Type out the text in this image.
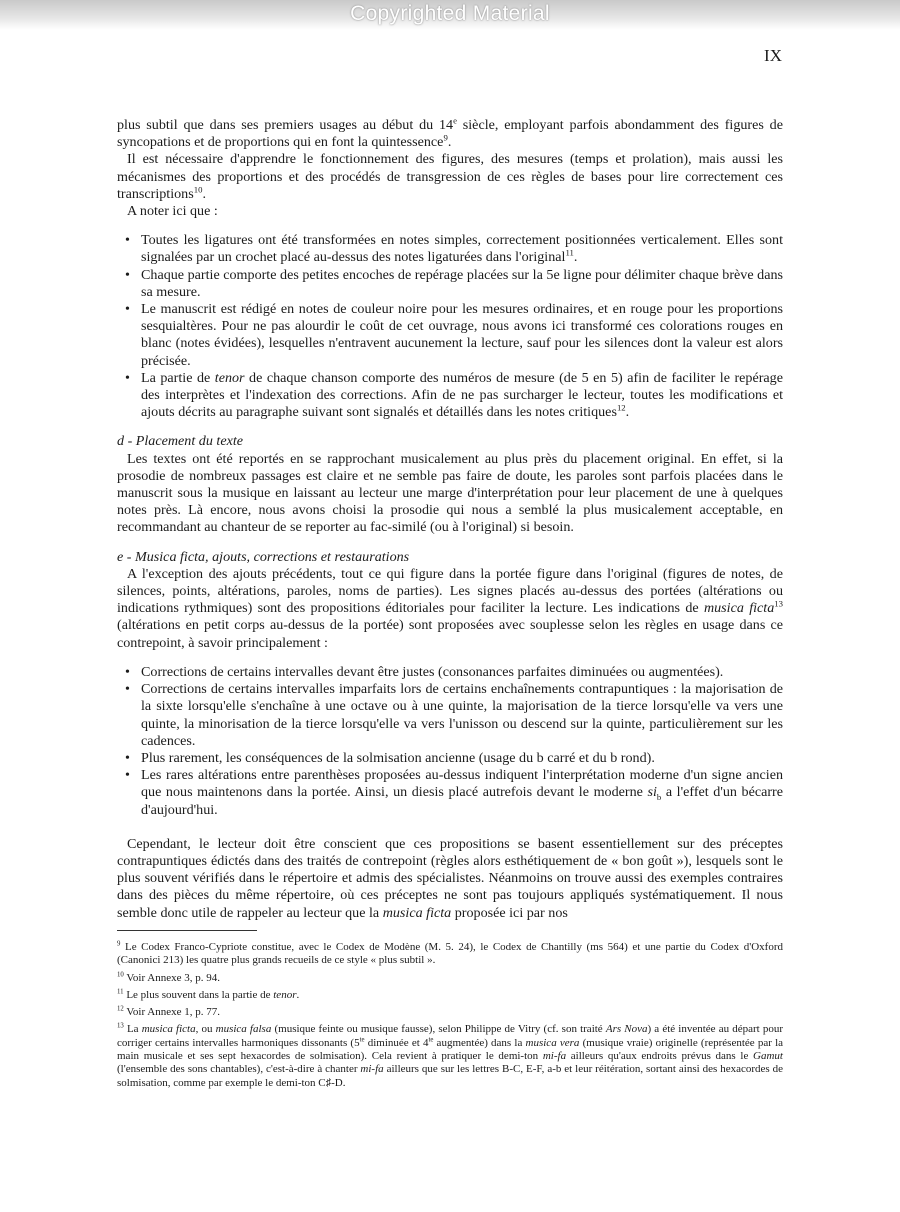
Copyrighted Material
IX

plus subtil que dans ses premiers usages au début du 14e siècle, employant parfois abondamment des figures de syncopations et de proportions qui en font la quintessence$^9$.

Il est nécessaire d'apprendre le fonctionnement des figures, des mesures (temps et prolation), mais aussi les mécanismes des proportions et des procédés de transgression de ces règles de bases pour lire correctement ces transcriptions$^{10}$.

A noter ici que :

• Toutes les ligatures ont été transformées en notes simples, correctement positionnées verticalement. Elles sont signalées par un crochet placé au-dessus des notes ligaturées dans l'original$^{11}$.
• Chaque partie comporte des petites encoches de repérage placées sur la 5e ligne pour délimiter chaque brève dans sa mesure.
• Le manuscrit est rédigé en notes de couleur noire pour les mesures ordinaires, et en rouge pour les proportions sesquialtères. Pour ne pas alourdir le coût de cet ouvrage, nous avons ici transformé ces colorations rouges en blanc (notes évidées), lesquelles n'entravent aucunement la lecture, sauf pour les silences dont la valeur est alors précisée.
• La partie de tenor de chaque chanson comporte des numéros de mesure (de 5 en 5) afin de faciliter le repérage des interprètes et l'indexation des corrections. Afin de ne pas surcharger le lecteur, toutes les modifications et ajouts décrits au paragraphe suivant sont signalés et détaillés dans les notes critiques$^{12}$.

d - Placement du texte

Les textes ont été reportés en se rapprochant musicalement au plus près du placement original. En effet, si la prosodie de nombreux passages est claire et ne semble pas faire de doute, les paroles sont parfois placées dans le manuscrit sous la musique en laissant au lecteur une marge d'interprétation pour leur placement de une à quelques notes près. Là encore, nous avons choisi la prosodie qui nous a semblé la plus musicalement acceptable, en recommandant au chanteur de se reporter au fac-similé (ou à l'original) si besoin.

e - Musica ficta, ajouts, corrections et restaurations

A l'exception des ajouts précédents, tout ce qui figure dans la portée figure dans l'original (figures de notes, de silences, points, altérations, paroles, noms de parties). Les signes placés au-dessus des portées (altérations ou indications rythmiques) sont des propositions éditoriales pour faciliter la lecture. Les indications de musica ficta$^{13}$ (altérations en petit corps au-dessus de la portée) sont proposées avec souplesse selon les règles en usage dans ce contrepoint, à savoir principalement :

• Corrections de certains intervalles devant être justes (consonances parfaites diminuées ou augmentées).
• Corrections de certains intervalles imparfaits lors de certains enchaînements contrapuntiques : la majorisation de la sixte lorsqu'elle s'enchaîne à une octave ou à une quinte, la majorisation de la tierce lorsqu'elle va vers une quinte, la minorisation de la tierce lorsqu'elle va vers l'unisson ou descend sur la quinte, particulièrement sur les cadences.
• Plus rarement, les conséquences de la solmisation ancienne (usage du b carré et du b rond).
• Les rares altérations entre parenthèses proposées au-dessus indiquent l'interprétation moderne d'un signe ancien que nous maintenons dans la portée. Ainsi, un diesis placé autrefois devant le moderne $si_b$ a l'effet d'un bécarre d'aujourd'hui.

Cependant, le lecteur doit être conscient que ces propositions se basent essentiellement sur des préceptes contrapuntiques édictés dans des traités de contrepoint (règles alors esthétiquement de « bon goût »), lesquels sont le plus souvent vérifiés dans le répertoire et admis des spécialistes. Néanmoins on trouve aussi des exemples contraires dans des pièces du même répertoire, où ces préceptes ne sont pas toujours appliqués systématiquement. Il nous semble donc utile de rappeler au lecteur que la musica ficta proposée ici par nos

$^9$ Le Codex Franco-Cypriote constitue, avec le Codex de Modène (M. 5. 24), le Codex de Chantilly (ms 564) et une partie du Codex d'Oxford (Canonici 213) les quatre plus grands recueils de ce style « plus subtil ».

$^{10}$ Voir Annexe 3, p. 94.

$^{11}$ Le plus souvent dans la partie de tenor.

$^{12}$ Voir Annexe 1, p. 77.

$^{13}$ La musica ficta, ou musica falsa (musique feinte ou musique fausse), selon Philippe de Vitry (cf. son traité Ars Nova) a été inventée au départ pour corriger certains intervalles harmoniques dissonants ($5^{te}$ diminuée et $4^{te}$ augmentée) dans la musica vera (musique vraie) originelle (représentée par la main musicale et ses sept hexacordes de solmisation). Cela revient à pratiquer le demi-ton mi-fa ailleurs qu'aux endroits prévus dans le Gamut (l'ensemble des sons chantables), c'est-à-dire à chanter mi-fa ailleurs que sur les lettres B-C, E-F, a-b et leur réitération, sortant ainsi des hexacordes de solmisation, comme par exemple le demi-ton C♯-D.
